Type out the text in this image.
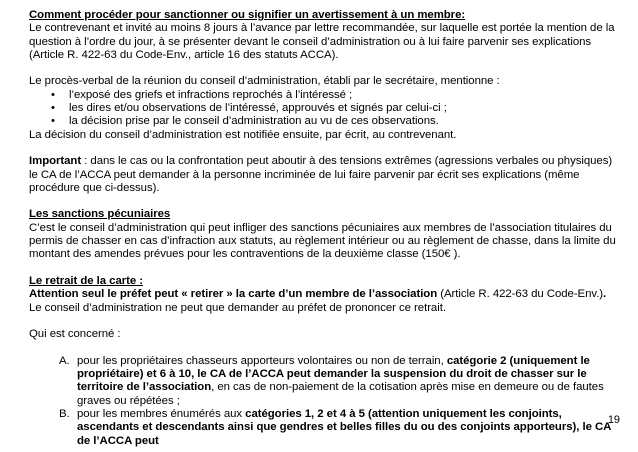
Comment procéder pour sanctionner ou signifier un avertissement à un membre:

Le contrevenant et invité au moins 8 jours à l’avance par lettre recommandée, sur laquelle est portée la mention de la question à l’ordre du jour, à se présenter devant le conseil d’administration ou à lui faire parvenir ses explications (Article R. 422-63 du Code-Env., article 16 des statuts ACCA).

Le procès-verbal de la réunion du conseil d’administration, établi par le secrétaire, mentionne :

• l’exposé des griefs et infractions reprochés à l’intéressé ;
• les dires et/ou observations de l’intéressé, approuvés et signés par celui-ci ;
• la décision prise par le conseil d’administration au vu de ces observations.

La décision du conseil d’administration est notifiée ensuite, par écrit, au contrevenant.

Important : dans le cas ou la confrontation peut aboutir à des tensions extrêmes (agressions verbales ou physiques) le CA de l’ACCA peut demander à la personne incriminée de lui faire parvenir par écrit ses explications (même procédure que ci-dessus).

Les sanctions pécuniaires

C’est le conseil d’administration qui peut infliger des sanctions pécuniaires aux membres de l’association titulaires du permis de chasser en cas d’infraction aux statuts, au règlement intérieur ou au règlement de chasse, dans la limite du montant des amendes prévues pour les contraventions de la deuxième classe (150€ ).

Le retrait de la carte :

Attention seul le préfet peut « retirer » la carte d’un membre de l’association (Article R. 422-63 du Code-Env.). Le conseil d’administration ne peut que demander au préfet de prononcer ce retrait.

Qui est concerné :

A. pour les propriétaires chasseurs apporteurs volontaires ou non de terrain, catégorie 2 (uniquement le propriétaire) et 6 à 10, le CA de l’ACCA peut demander la suspension du droit de chasser sur le territoire de l’association, en cas de non-paiement de la cotisation après mise en demeure ou de fautes graves ou répétées ;
B. pour les membres énumérés aux catégories 1, 2 et 4 à 5 (attention uniquement les conjoints, ascendants et descendants ainsi que gendres et belles filles du ou des conjoints apporteurs), le CA de l’ACCA peut
19
